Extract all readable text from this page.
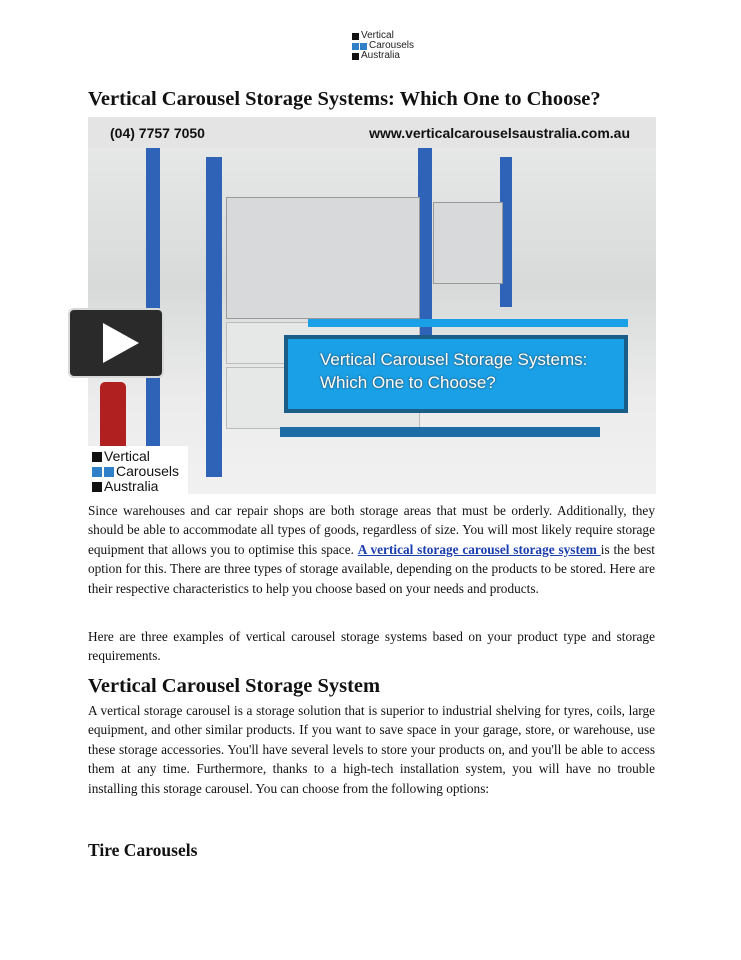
Vertical
Carousels
Australia
Vertical Carousel Storage Systems: Which One to Choose?
Vertical Carousel Storage Systems:
Which One to Choose?
(04) 7757 7050	www.verticalcarouselsaustralia.com.au
Vertical
Carousels
Australia

Since warehouses and car repair shops are both storage areas that must be orderly. Additionally, they should be able to accommodate all types of goods, regardless of size. You will most likely require storage equipment that allows you to optimise this space. A vertical storage carousel storage system is the best option for this. There are three types of storage available, depending on the products to be stored. Here are their respective characteristics to help you choose based on your needs and products.

Here are three examples of vertical carousel storage systems based on your product type and storage requirements.

Vertical Carousel Storage System

A vertical storage carousel is a storage solution that is superior to industrial shelving for tyres, coils, large equipment, and other similar products. If you want to save space in your garage, store, or warehouse, use these storage accessories. You'll have several levels to store your products on, and you'll be able to access them at any time. Furthermore, thanks to a high-tech installation system, you will have no trouble installing this storage carousel. You can choose from the following options:

Tire Carousels
